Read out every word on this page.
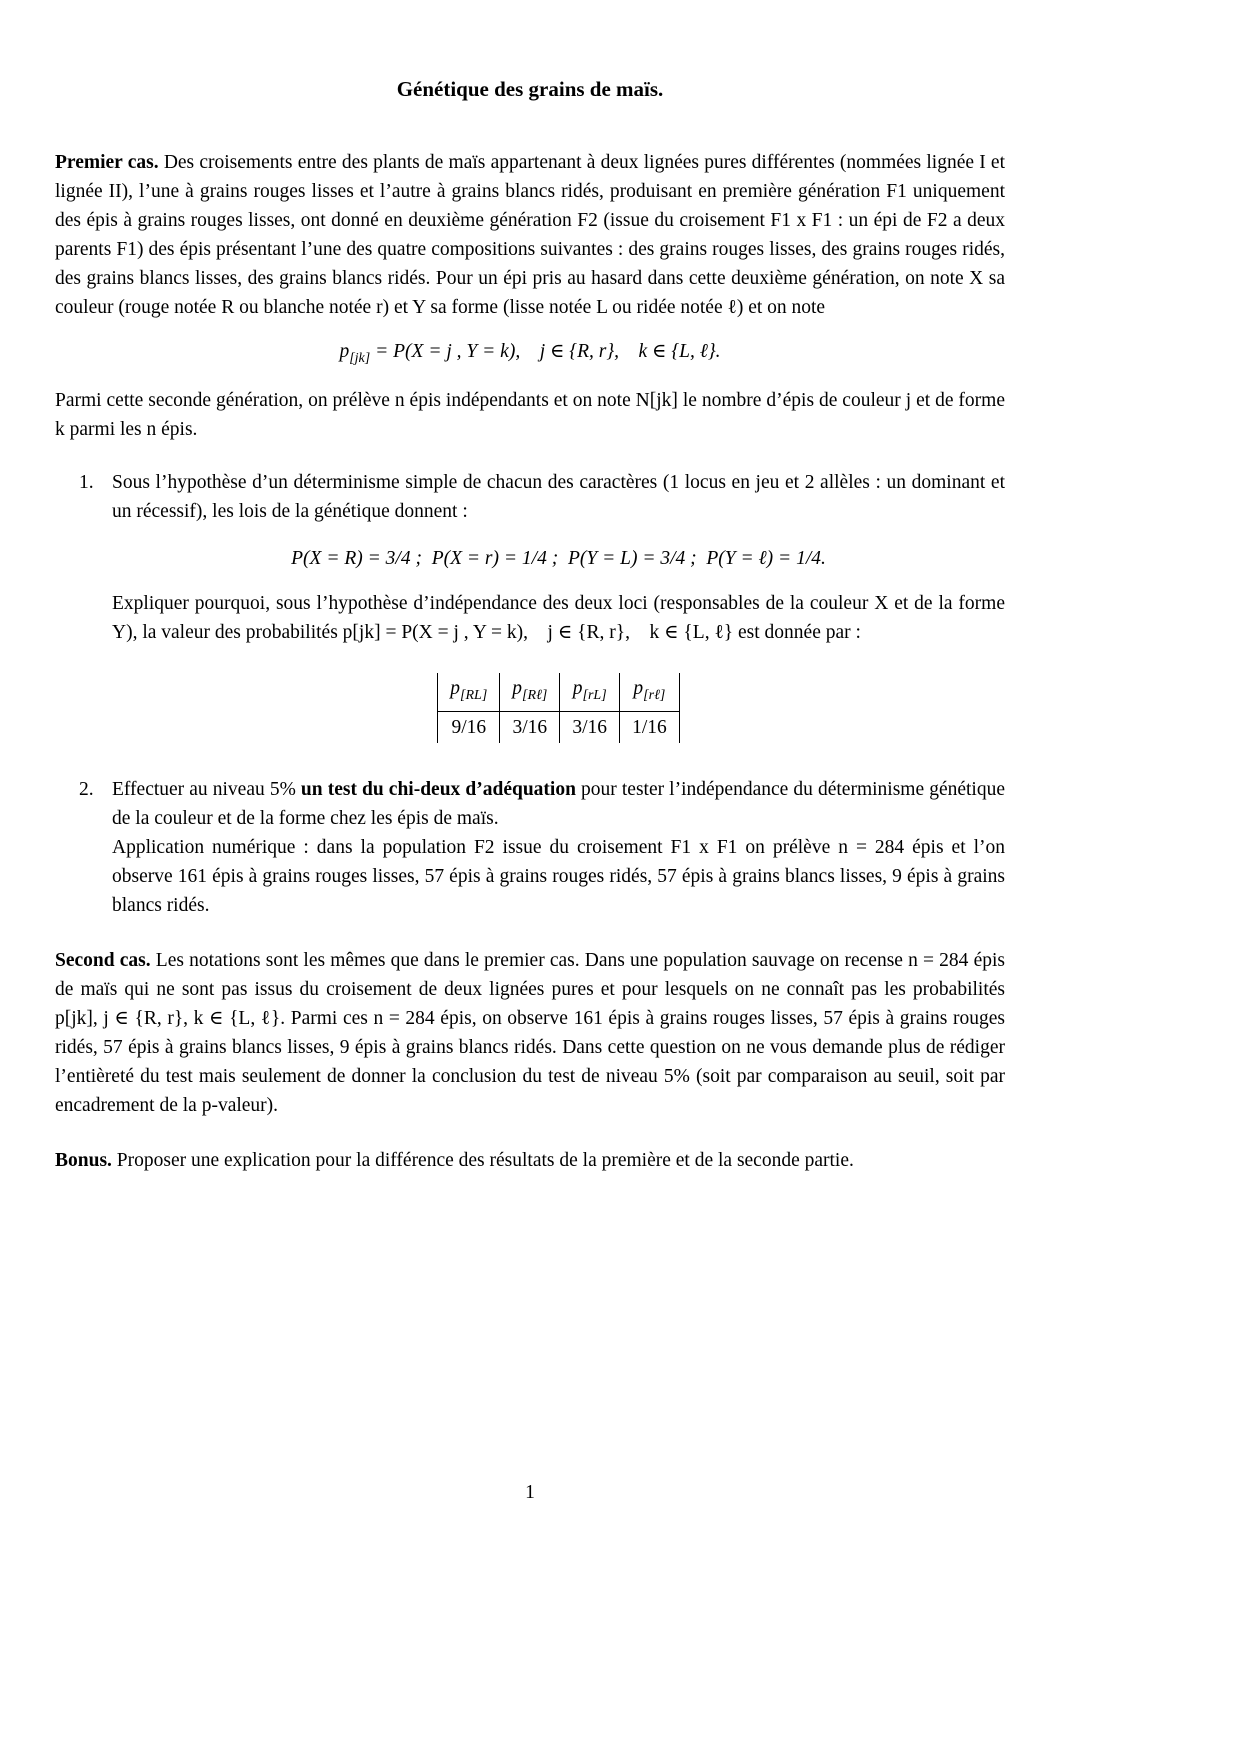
Génétique des grains de maïs.

Premier cas. Des croisements entre des plants de maïs appartenant à deux lignées pures différentes (nommées lignée I et lignée II), l’une à grains rouges lisses et l’autre à grains blancs ridés, produisant en première génération F1 uniquement des épis à grains rouges lisses, ont donné en deuxième génération F2 (issue du croisement F1 x F1 : un épi de F2 a deux parents F1) des épis présentant l’une des quatre compositions suivantes : des grains rouges lisses, des grains rouges ridés, des grains blancs lisses, des grains blancs ridés. Pour un épi pris au hasard dans cette deuxième génération, on note X sa couleur (rouge notée R ou blanche notée r) et Y sa forme (lisse notée L ou ridée notée ℓ) et on note

$p_{[jk]} = P(X = j$ , Y = k), j ∈ {R, r}, k ∈ {L, ℓ}.

Parmi cette seconde génération, on prélève n épis indépendants et on note N[jk] le nombre d’épis de couleur j et de forme k parmi les n épis.

1. Sous l’hypothèse d’un déterminisme simple de chacun des caractères (1 locus en jeu et 2 allèles : un dominant et un récessif), les lois de la génétique donnent :

P(X = R) = 3/4 ; P(X = r) = 1/4 ; P(Y = L) = 3/4 ; P(Y = ℓ) = 1/4.

Expliquer pourquoi, sous l’hypothèse d’indépendance des deux loci (responsables de la couleur X et de la forme Y), la valeur des probabilités p[jk] = P(X = j , Y = k), j ∈ {R, r}, k ∈ {L, ℓ} est donnée par :

$p_{[RL]}$	$p_{[R\ell]}$	$p_{[rL]}$	$p_{[r\ell]}$
9/16	3/16	3/16	1/16
2. Effectuer au niveau 5% un test du chi-deux d’adéquation pour tester l’indépendance du déterminisme génétique de la couleur et de la forme chez les épis de maïs.

Application numérique : dans la population F2 issue du croisement F1 x F1 on prélève n = 284 épis et l’on observe 161 épis à grains rouges lisses, 57 épis à grains rouges ridés, 57 épis à grains blancs lisses, 9 épis à grains blancs ridés.

Second cas. Les notations sont les mêmes que dans le premier cas. Dans une population sauvage on recense n = 284 épis de maïs qui ne sont pas issus du croisement de deux lignées pures et pour lesquels on ne connaît pas les probabilités p[jk], j ∈ {R, r}, k ∈ {L, ℓ}. Parmi ces n = 284 épis, on observe 161 épis à grains rouges lisses, 57 épis à grains rouges ridés, 57 épis à grains blancs lisses, 9 épis à grains blancs ridés. Dans cette question on ne vous demande plus de rédiger l’entièreté du test mais seulement de donner la conclusion du test de niveau 5% (soit par comparaison au seuil, soit par encadrement de la p-valeur).

Bonus. Proposer une explication pour la différence des résultats de la première et de la seconde partie.

1
